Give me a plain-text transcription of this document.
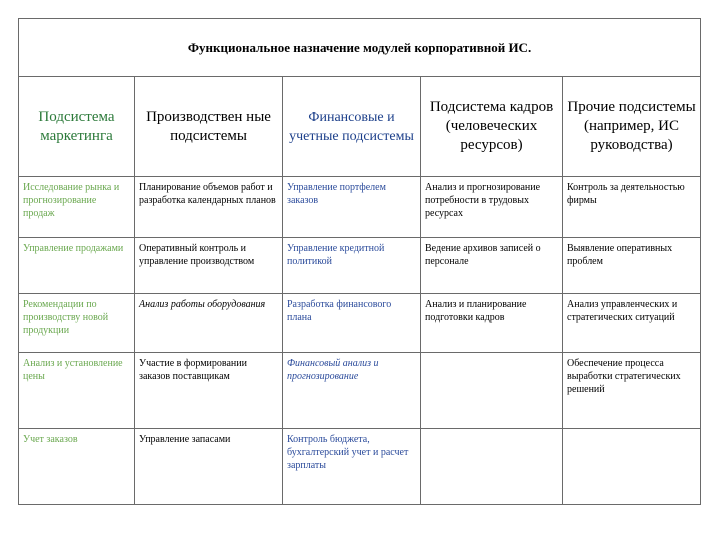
Функциональное назначение модулей корпоративной ИС.				
Подсистема маркетинга	Производствен ные подсистемы	Финансовые и учетные подсистемы	Подсистема кадров (человеческих ресурсов)	Прочие подсистемы (например, ИС руководства)
Исследование рынка и прогнозирование продаж	Планирование объемов работ и разработка календарных планов	Управление портфелем заказов	Анализ и прогнозирование потребности в трудовых ресурсах	Контроль за деятельностью фирмы
Управление продажами	Оперативный контроль и управление производством	Управление кредитной политикой	Ведение архивов записей о персонале	Выявление оперативных проблем
Рекомендации по производству новой продукции	Анализ работы оборудования	Разработка финансового плана	Анализ и планирование подготовки кадров	Анализ управленческих и стратегических ситуаций
Анализ и установление цены	Участие в формировании заказов поставщикам	Финансовый анализ и прогнозирование		Обеспечение процесса выработки стратегических решений
Учет заказов	Управление запасами	Контроль бюджета, бухгалтерский учет и расчет зарплаты		
